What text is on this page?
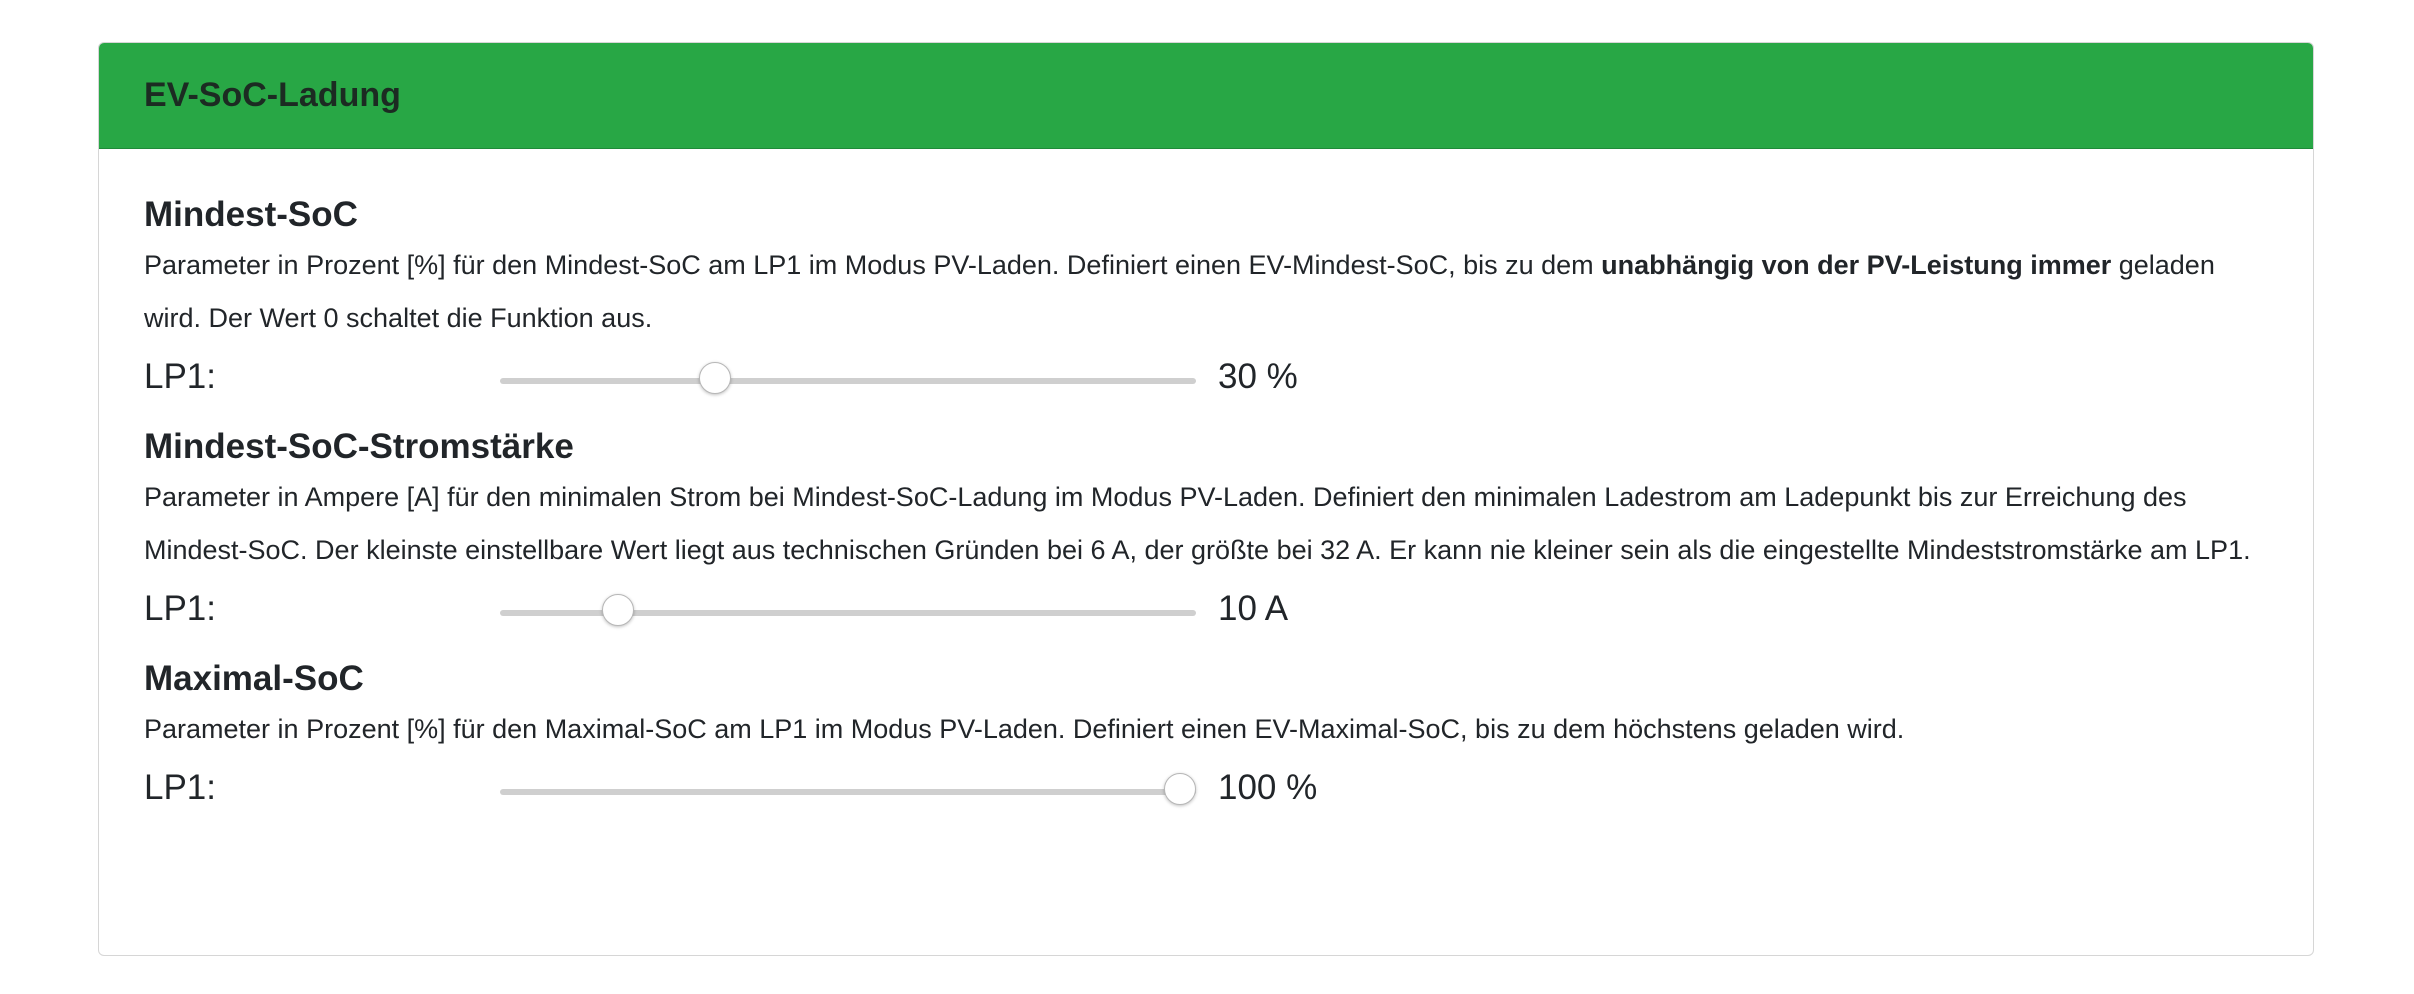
EV-SoC-Ladung
Mindest-SoC

Parameter in Prozent [%] für den Mindest-SoC am LP1 im Modus PV-Laden. Definiert einen EV-Mindest-SoC, bis zu dem unabhängig von der PV-Leistung immer geladen wird. Der Wert 0 schaltet die Funktion aus.

LP1:	30 %
Mindest-SoC-Stromstärke

Parameter in Ampere [A] für den minimalen Strom bei Mindest-SoC-Ladung im Modus PV-Laden. Definiert den minimalen Ladestrom am Ladepunkt bis zur Erreichung des Mindest-SoC. Der kleinste einstellbare Wert liegt aus technischen Gründen bei 6 A, der größte bei 32 A. Er kann nie kleiner sein als die eingestellte Mindeststromstärke am LP1.

LP1:	10 A
Maximal-SoC

Parameter in Prozent [%] für den Maximal-SoC am LP1 im Modus PV-Laden. Definiert einen EV-Maximal-SoC, bis zu dem höchstens geladen wird.

LP1:	100 %
